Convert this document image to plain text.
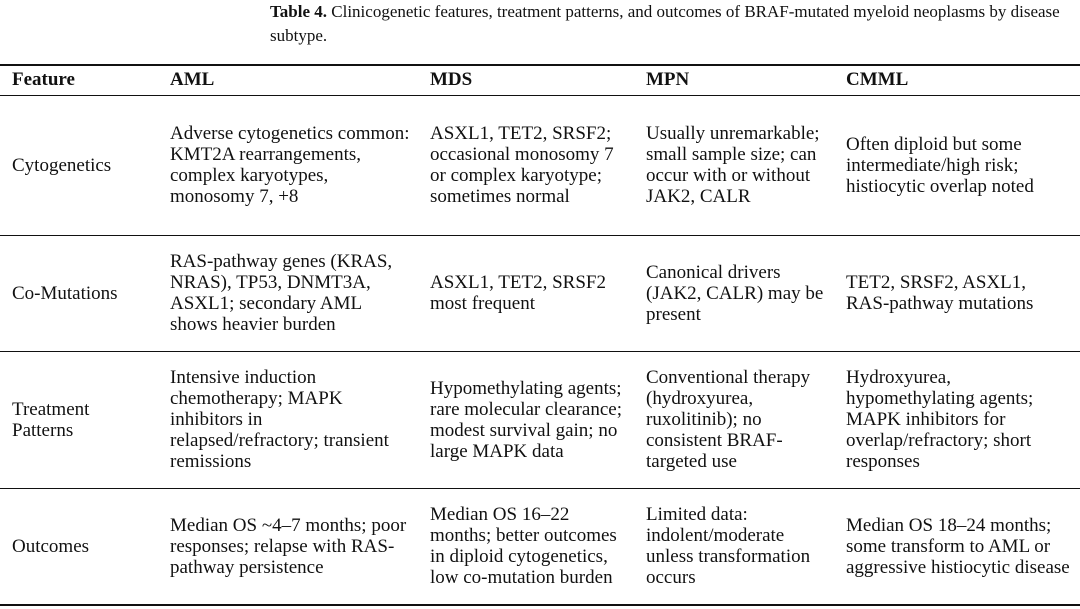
Table 4. Clinicogenetic features, treatment patterns, and outcomes of BRAF-mutated myeloid neoplasms by disease subtype.
Feature	AML	MDS	MPN	CMML
Cytogenetics	Adverse cytogenetics common: KMT2A rearrangements, complex karyotypes, monosomy 7, +8	ASXL1, TET2, SRSF2; occasional monosomy 7 or complex karyotype; sometimes normal	Usually unremarkable; small sample size; can occur with or without JAK2, CALR	Often diploid but some intermediate/high risk; histiocytic overlap noted
Co-Mutations	RAS-pathway genes (KRAS, NRAS), TP53, DNMT3A, ASXL1; secondary AML shows heavier burden	ASXL1, TET2, SRSF2 most frequent	Canonical drivers (JAK2, CALR) may be present	TET2, SRSF2, ASXL1, RAS-pathway mutations
Treatment Patterns	Intensive induction chemotherapy; MAPK inhibitors in relapsed/refractory; transient remissions	Hypomethylating agents; rare molecular clearance; modest survival gain; no large MAPK data	Conventional therapy (hydroxyurea, ruxolitinib); no consistent BRAF-targeted use	Hydroxyurea, hypomethylating agents; MAPK inhibitors for overlap/refractory; short responses
Outcomes	Median OS ~4–7 months; poor responses; relapse with RAS-pathway persistence	Median OS 16–22 months; better outcomes in diploid cytogenetics, low co-mutation burden	Limited data: indolent/moderate unless transformation occurs	Median OS 18–24 months; some transform to AML or aggressive histiocytic disease
